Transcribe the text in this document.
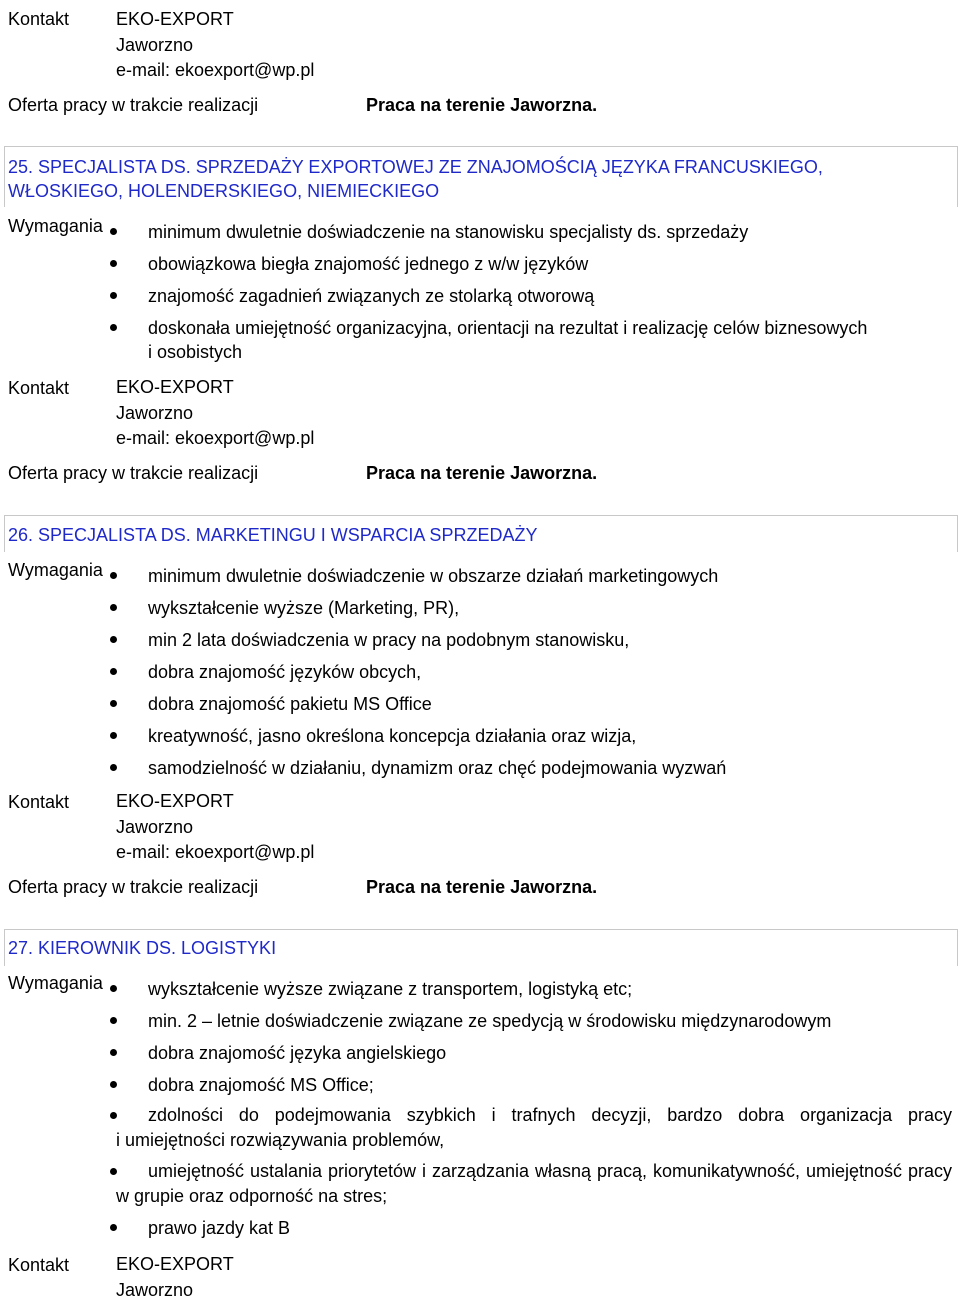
Kontakt	EKO-EXPORT
Jaworzno
e-mail: ekoexport@wp.pl
Oferta pracy w trakcie realizacji	Praca na terenie Jaworzna.
25. SPECJALISTA DS. SPRZEDAŻY EXPORTOWEJ ZE ZNAJOMOŚCIĄ JĘZYKA FRANCUSKIEGO,
WŁOSKIEGO, HOLENDERSKIEGO, NIEMIECKIEGO
Wymagania	minimum dwuletnie doświadczenie na stanowisku specjalisty ds. sprzedaży
obowiązkowa biegła znajomość jednego z w/w języków
znajomość zagadnień związanych ze stolarką otworową
doskonała umiejętność organizacyjna, orientacji na rezultat i realizację celów biznesowych
i osobistych
Kontakt	EKO-EXPORT
Jaworzno
e-mail: ekoexport@wp.pl
Oferta pracy w trakcie realizacji	Praca na terenie Jaworzna.
26. SPECJALISTA DS. MARKETINGU I WSPARCIA SPRZEDAŻY
Wymagania	minimum dwuletnie doświadczenie w obszarze działań marketingowych
wykształcenie wyższe (Marketing, PR),
min 2 lata doświadczenia w pracy na podobnym stanowisku,
dobra znajomość języków obcych,
dobra znajomość pakietu MS Office
kreatywność, jasno określona koncepcja działania oraz wizja,
samodzielność w działaniu, dynamizm oraz chęć podejmowania wyzwań
Kontakt	EKO-EXPORT
Jaworzno
e-mail: ekoexport@wp.pl
Oferta pracy w trakcie realizacji	Praca na terenie Jaworzna.
27. KIEROWNIK DS. LOGISTYKI
Wymagania	wykształcenie wyższe związane z transportem, logistyką etc;
min. 2 – letnie doświadczenie związane ze spedycją w środowisku międzynarodowym
dobra znajomość języka angielskiego
dobra znajomość MS Office;
zdolności do podejmowania szybkich i trafnych decyzji, bardzo dobra organizacja pracy
i umiejętności rozwiązywania problemów,
umiejętność ustalania priorytetów i zarządzania własną pracą, komunikatywność, umiejętność pracy
w grupie oraz odporność na stres;
prawo jazdy kat B
Kontakt	EKO-EXPORT
Jaworzno
